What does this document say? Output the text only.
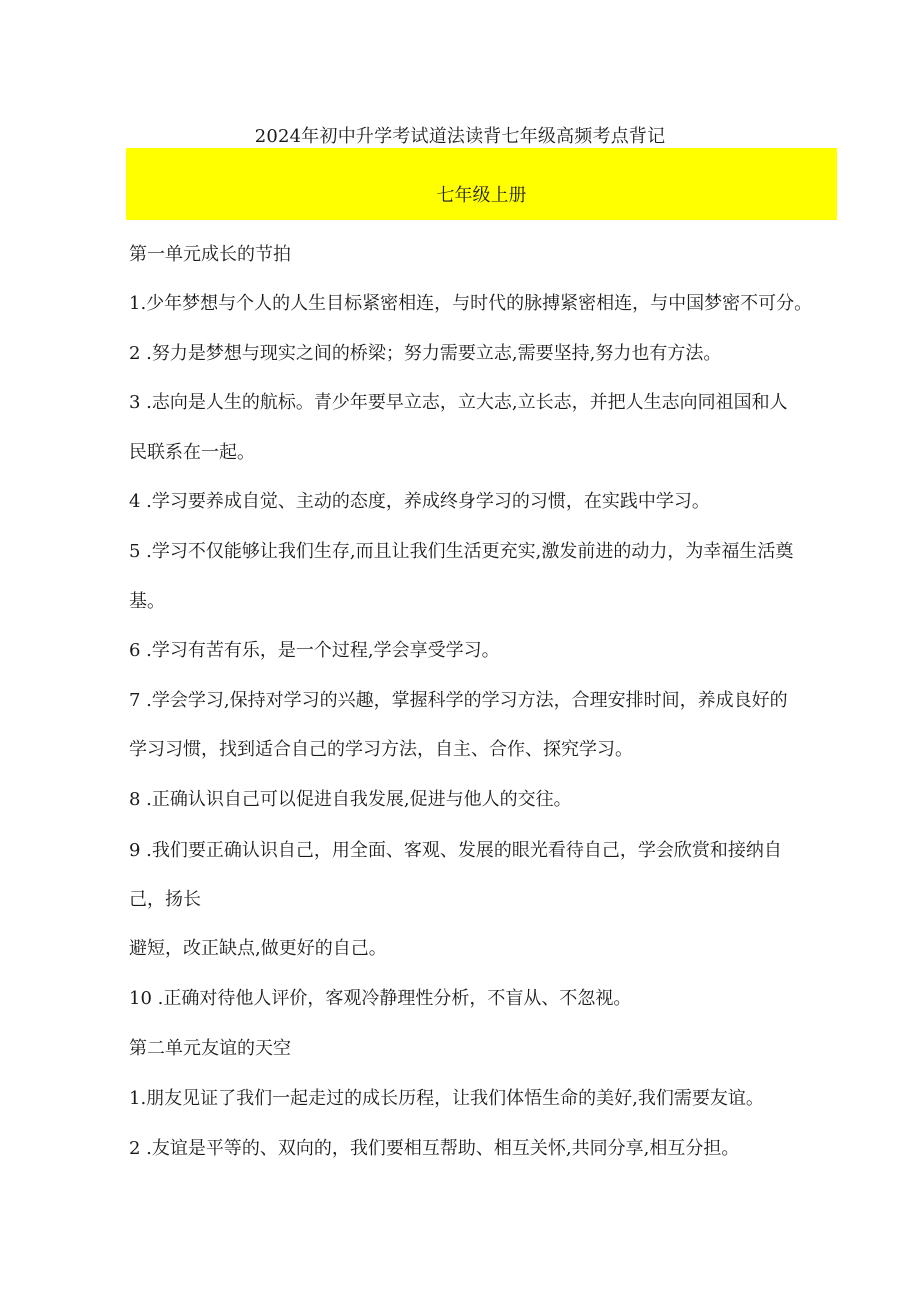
2024年初中升学考试道法读背七年级高频考点背记
七年级上册
第一单元成长的节拍
1.少年梦想与个人的人生目标紧密相连，与时代的脉搏紧密相连，与中国梦密不可分。
2 .努力是梦想与现实之间的桥梁；努力需要立志,需要坚持,努力也有方法。
3 .志向是人生的航标。青少年要早立志，立大志,立长志，并把人生志向同祖国和人
民联系在一起。
4 .学习要养成自觉、主动的态度，养成终身学习的习惯，在实践中学习。
5 .学习不仅能够让我们生存,而且让我们生活更充实,激发前进的动力，为幸福生活奠
基。
6 .学习有苦有乐，是一个过程,学会享受学习。
7 .学会学习,保持对学习的兴趣，掌握科学的学习方法，合理安排时间，养成良好的
学习习惯，找到适合自己的学习方法，自主、合作、探究学习。
8 .正确认识自己可以促进自我发展,促进与他人的交往。
9 .我们要正确认识自己，用全面、客观、发展的眼光看待自己，学会欣赏和接纳自
己，扬长
避短，改正缺点,做更好的自己。
10 .正确对待他人评价，客观冷静理性分析，不盲从、不忽视。
第二单元友谊的天空
1.朋友见证了我们一起走过的成长历程，让我们体悟生命的美好,我们需要友谊。
2 .友谊是平等的、双向的，我们要相互帮助、相互关怀,共同分享,相互分担。
